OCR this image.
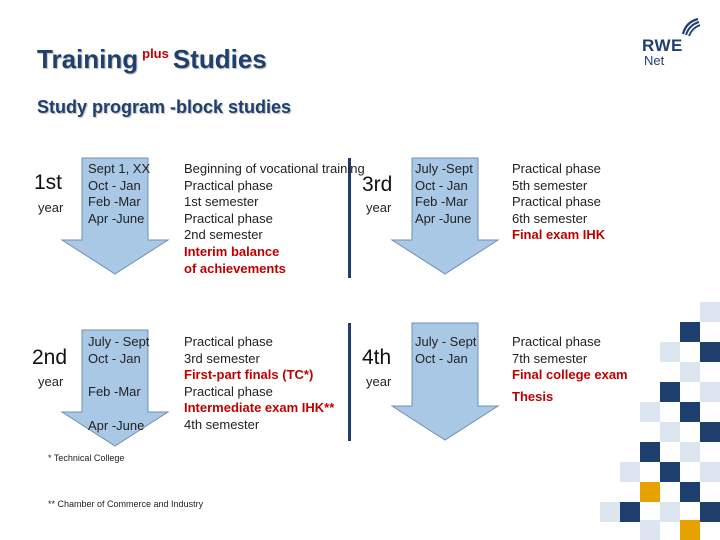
Training $^{plus}$ Studies
Study program -block studies
RWE
Net
1st
year
Sept 1, XX
Oct - Jan
Feb -Mar
Apr -June
Beginning of vocational training
Practical phase
1st semester
Practical phase
2nd semester
Interim balance
of achievements
2nd
year
July - Sept
Oct - Jan
Feb -Mar
Apr -June
Practical phase
3rd semester
First-part finals (TC*)
Practical phase
Intermediate exam IHK**
4th semester
3rd
year
July -Sept
Oct - Jan
Feb -Mar
Apr -June
Practical phase
5th semester
Practical phase
6th semester
Final exam IHK
4th
year
July - Sept
Oct - Jan
Practical phase
7th semester
Final college exam
Thesis
* Technical College
** Chamber of Commerce and Industry
